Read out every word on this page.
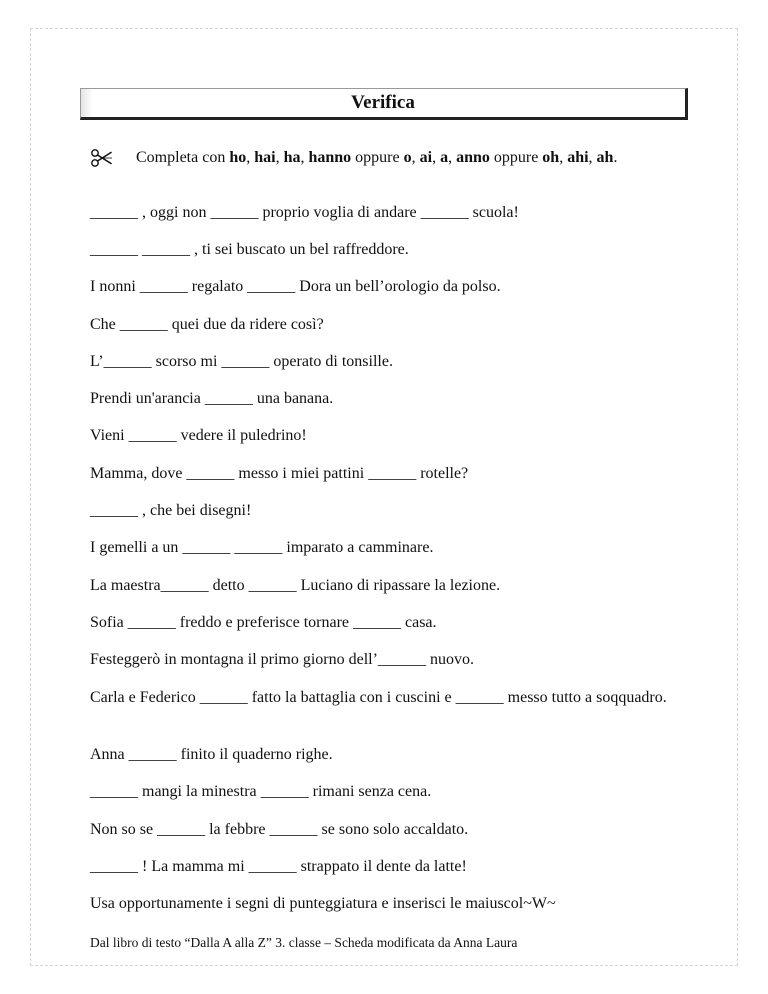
Verifica
Completa con ho, hai, ha, hanno oppure o, ai, a, anno oppure oh, ahi, ah.
______ , oggi non ______ proprio voglia di andare ______ scuola!
______ ______ , ti sei buscato un bel raffreddore.
I nonni ______ regalato ______ Dora un bell’orologio da polso.
Che ______ quei due da ridere così?
L’______ scorso mi ______ operato di tonsille.
Prendi un'arancia ______ una banana.
Vieni ______ vedere il puledrino!
Mamma, dove ______ messo i miei pattini ______ rotelle?
______ , che bei disegni!
I gemelli a un ______ ______ imparato a camminare.
La maestra______ detto ______ Luciano di ripassare la lezione.
Sofia ______ freddo e preferisce tornare ______ casa.
Festeggerò in montagna il primo giorno dell’______ nuovo.
Carla e Federico ______ fatto la battaglia con i cuscini e ______ messo tutto a soqquadro.
Anna ______ finito il quaderno righe.
______ mangi la minestra ______ rimani senza cena.
Non so se ______ la febbre ______ se sono solo accaldato.
______ ! La mamma mi ______ strappato il dente da latte!
Usa opportunamente i segni di punteggiatura e inserisci le maiuscol~W~
Dal libro di testo “Dalla A alla Z” 3. classe – Scheda modificata da Anna Laura
